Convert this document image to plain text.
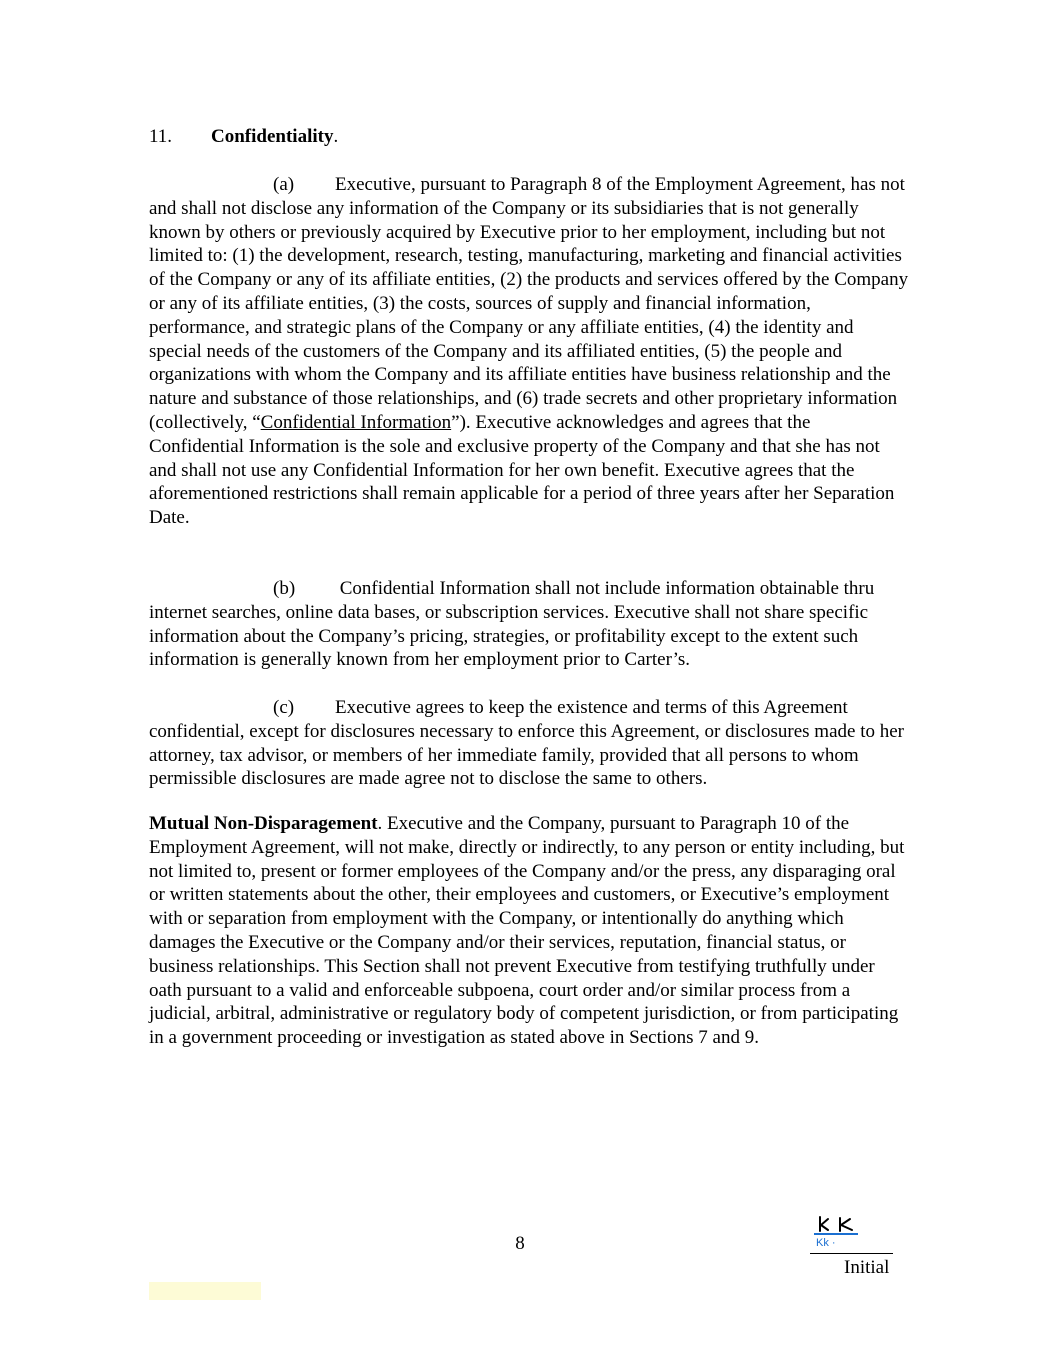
11. Confidentiality.

(a) Executive, pursuant to Paragraph 8 of the Employment Agreement, has not and shall not disclose any information of the Company or its subsidiaries that is not generally known by others or previously acquired by Executive prior to her employment, including but not limited to: (1) the development, research, testing, manufacturing, marketing and financial activities of the Company or any of its affiliate entities, (2) the products and services offered by the Company or any of its affiliate entities, (3) the costs, sources of supply and financial information, performance, and strategic plans of the Company or any affiliate entities, (4) the identity and special needs of the customers of the Company and its affiliated entities, (5) the people and organizations with whom the Company and its affiliate entities have business relationship and the nature and substance of those relationships, and (6) trade secrets and other proprietary information (collectively, “Confidential Information”). Executive acknowledges and agrees that the Confidential Information is the sole and exclusive property of the Company and that she has not and shall not use any Confidential Information for her own benefit. Executive agrees that the aforementioned restrictions shall remain applicable for a period of three years after her Separation Date.

(b) Confidential Information shall not include information obtainable thru internet searches, online data bases, or subscription services. Executive shall not share specific information about the Company’s pricing, strategies, or profitability except to the extent such information is generally known from her employment prior to Carter’s.

(c) Executive agrees to keep the existence and terms of this Agreement confidential, except for disclosures necessary to enforce this Agreement, or disclosures made to her attorney, tax advisor, or members of her immediate family, provided that all persons to whom permissible disclosures are made agree not to disclose the same to others.

Mutual Non-Disparagement. Executive and the Company, pursuant to Paragraph 10 of the Employment Agreement, will not make, directly or indirectly, to any person or entity including, but not limited to, present or former employees of the Company and/or the press, any disparaging oral or written statements about the other, their employees and customers, or Executive’s employment with or separation from employment with the Company, or intentionally do anything which damages the Executive or the Company and/or their services, reputation, financial status, or business relationships. This Section shall not prevent Executive from testifying truthfully under oath pursuant to a valid and enforceable subpoena, court order and/or similar process from a judicial, arbitral, administrative or regulatory body of competent jurisdiction, or from participating in a government proceeding or investigation as stated above in Sections 7 and 9.

8	Kk ·
Initial
